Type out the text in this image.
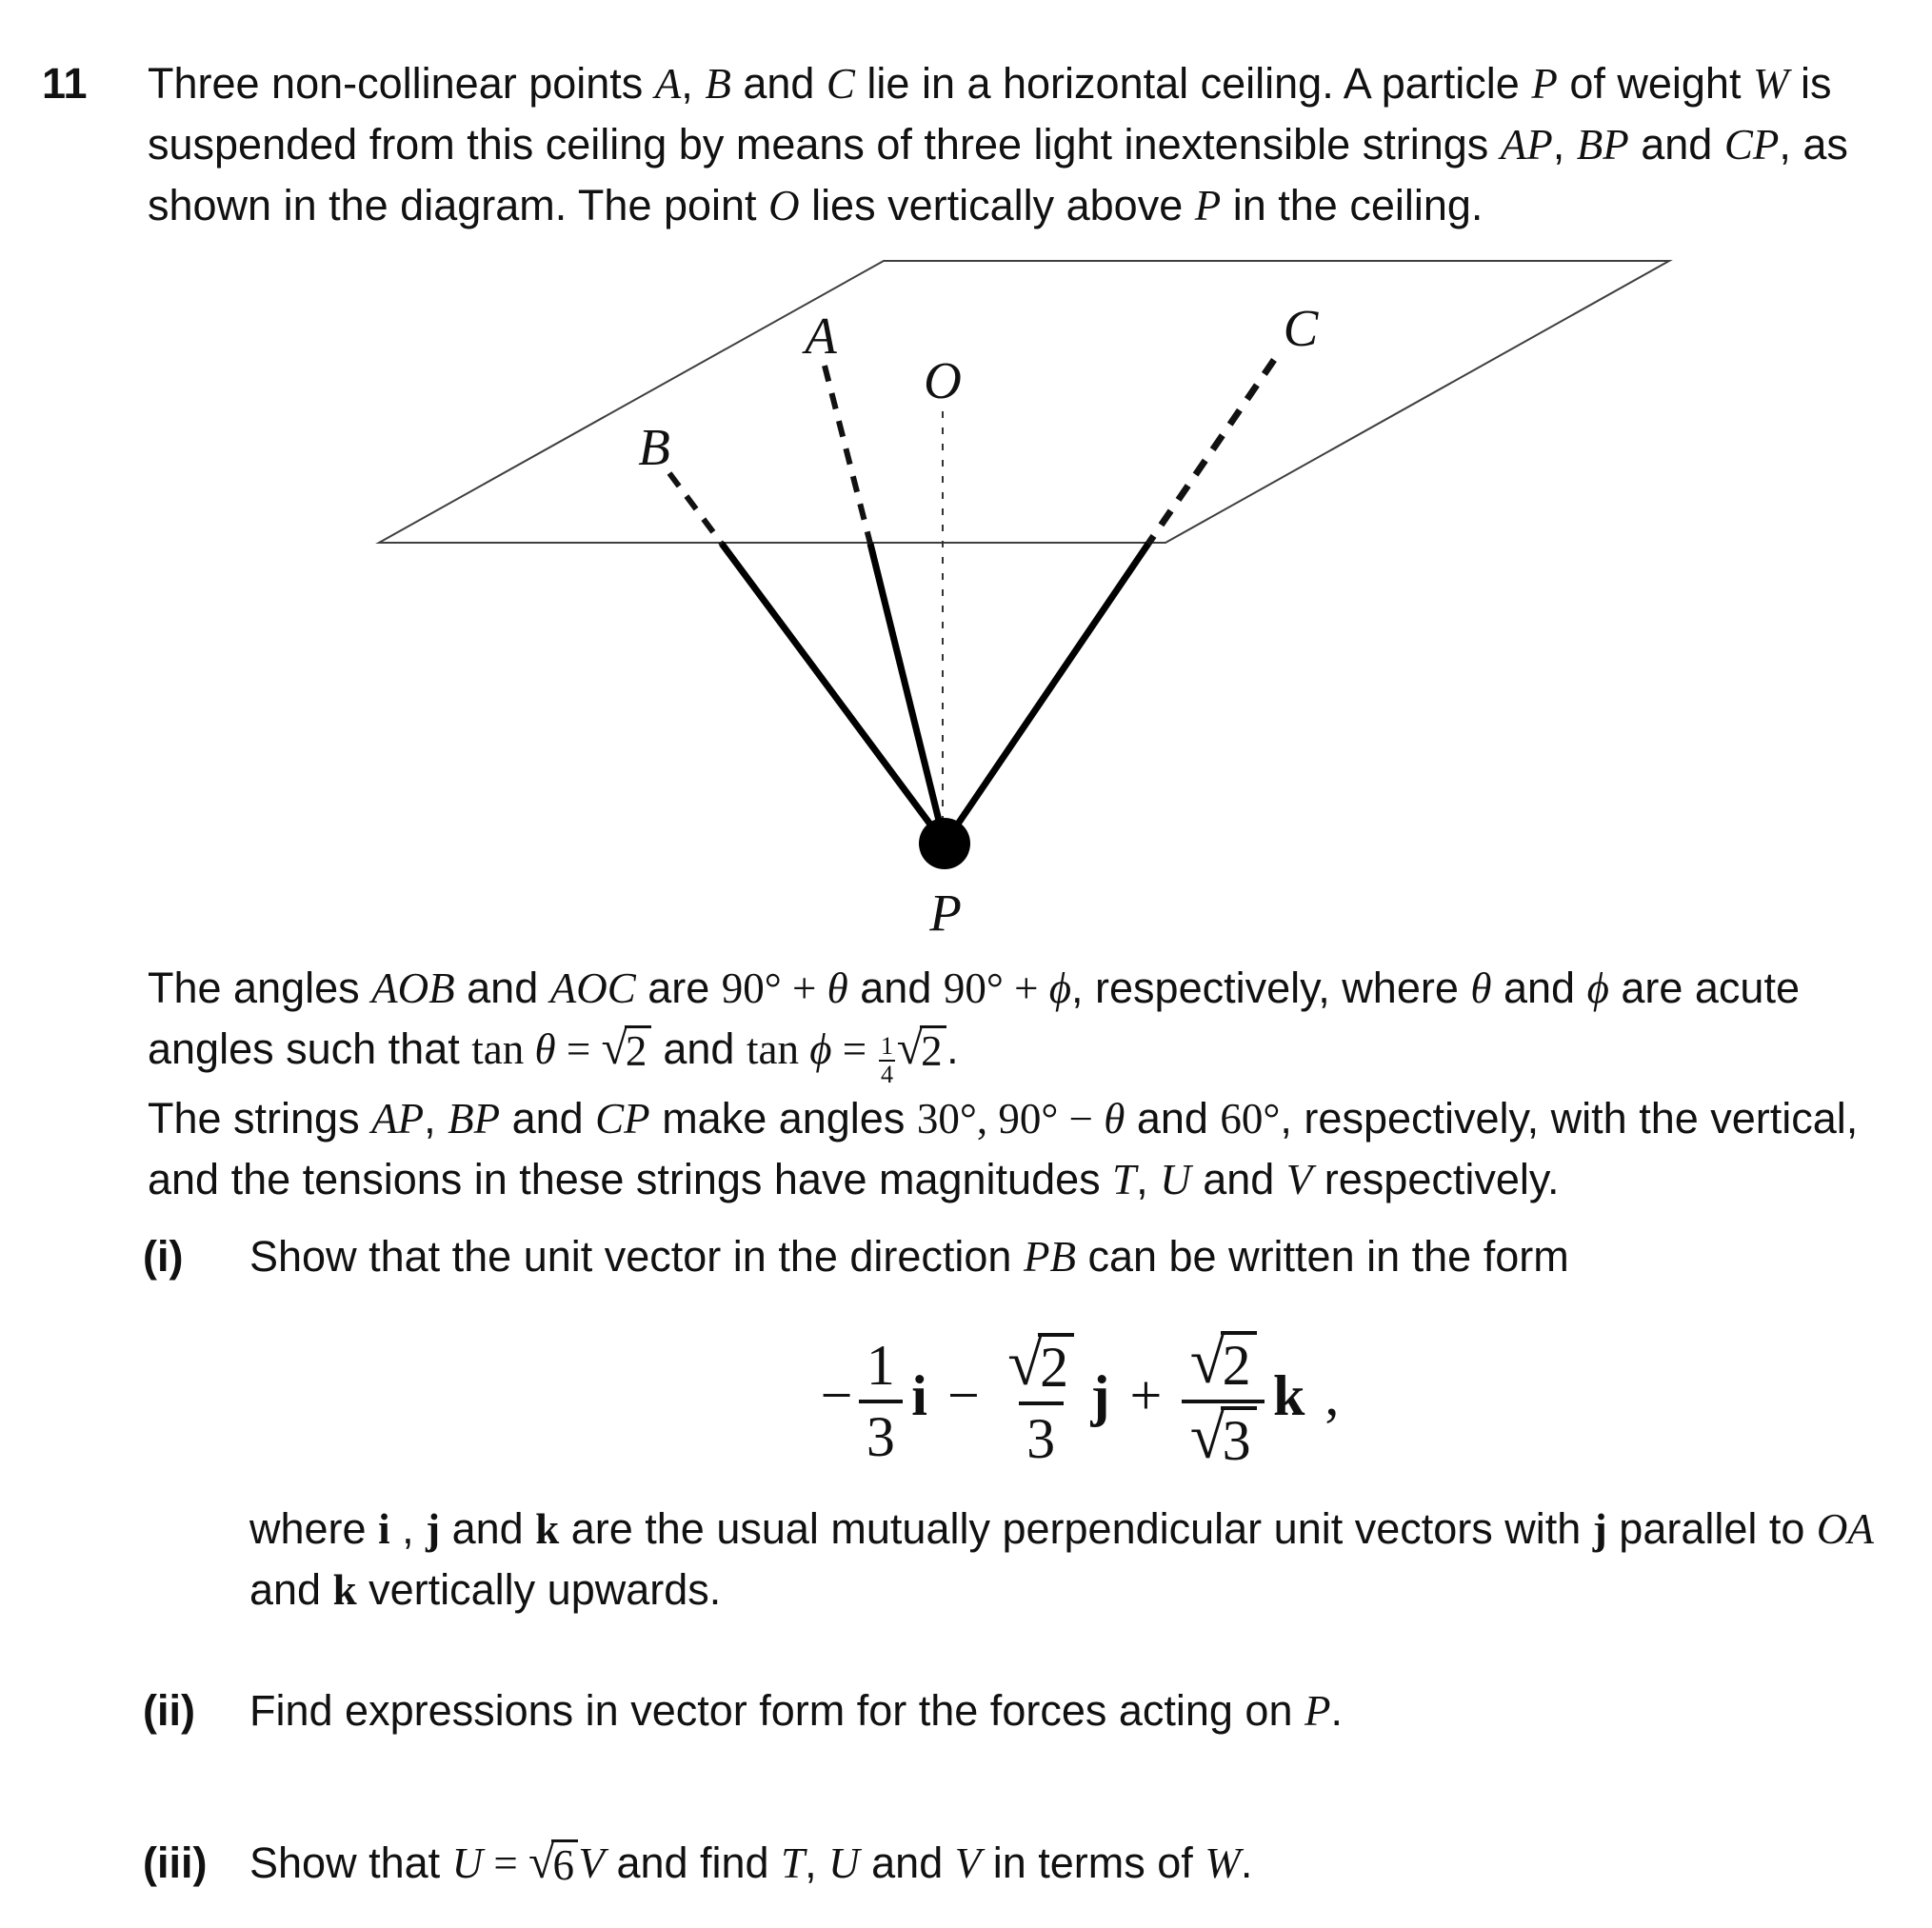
11 Three non-collinear points A, B and C lie in a horizontal ceiling. A particle P of weight W is
suspended from this ceiling by means of three light inextensible strings AP, BP and CP, as
shown in the diagram. The point O lies vertically above P in the ceiling.
A
B
C
O
P
The angles AOB and AOC are 90° + θ and 90° + ϕ, respectively, where θ and ϕ are acute
angles such that tan θ = √
2 and $\tan \phi = \frac{1}{4}$ √
2 .
The strings AP, BP and CP make angles 30°, 90° − θ and 60°, respectively, with the vertical,
and the tensions in these strings have magnitudes T, U and V respectively.
(i) Show that the unit vector in the direction PB can be written in the form
− $\frac{1}{3}$ i − √
2
3 j + √
2
√
3 k ,
where i , j and k are the usual mutually perpendicular unit vectors with j parallel to OA
and k vertically upwards.
(ii) Find expressions in vector form for the forces acting on P.
(iii) Show that U = √
6 V and find T, U and V in terms of W.
